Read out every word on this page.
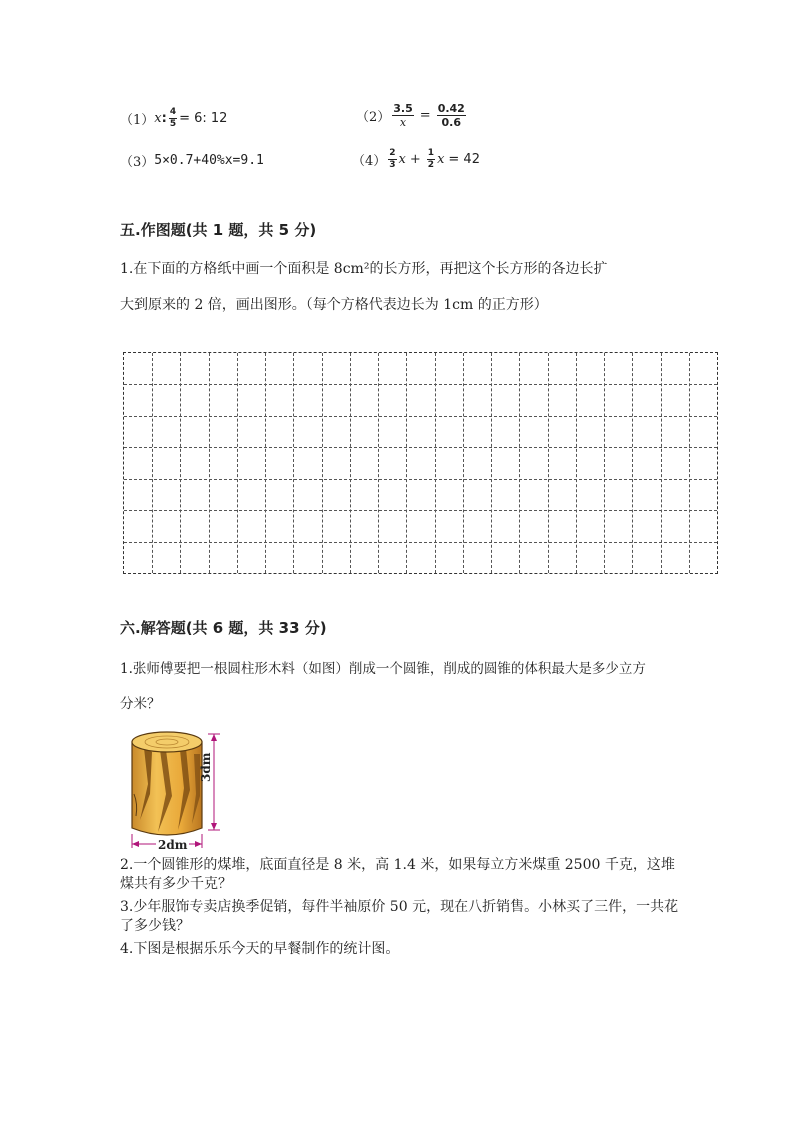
（1） x : $\frac{4}{5} = 6$: 12	$(2) \frac{3.5}{x} = \frac{0.42}{0.6}$
（3） 5×0.7+40%x=9.1	$(4) \frac{2}{3}$ $x + \frac{1}{2}$ x = 42
五.作图题(共 1 题，共 5 分)
1.在下面的方格纸中画一个面积是 8cm²的长方形，再把这个长方形的各边长扩
大到原来的 2 倍，画出图形。（每个方格代表边长为 1cm 的正方形）
六.解答题(共 6 题，共 33 分)
1.张师傅要把一根圆柱形木料（如图）削成一个圆锥，削成的圆锥的体积最大是多少立方
分米？
3dm
2dm
2.一个圆锥形的煤堆，底面直径是 8 米，高 1.4 米，如果每立方米煤重 2500 千克，这堆煤共有多少千克？
3.少年服饰专卖店换季促销，每件半袖原价 50 元，现在八折销售。小林买了三件，一共花了多少钱？
4.下图是根据乐乐今天的早餐制作的统计图。
